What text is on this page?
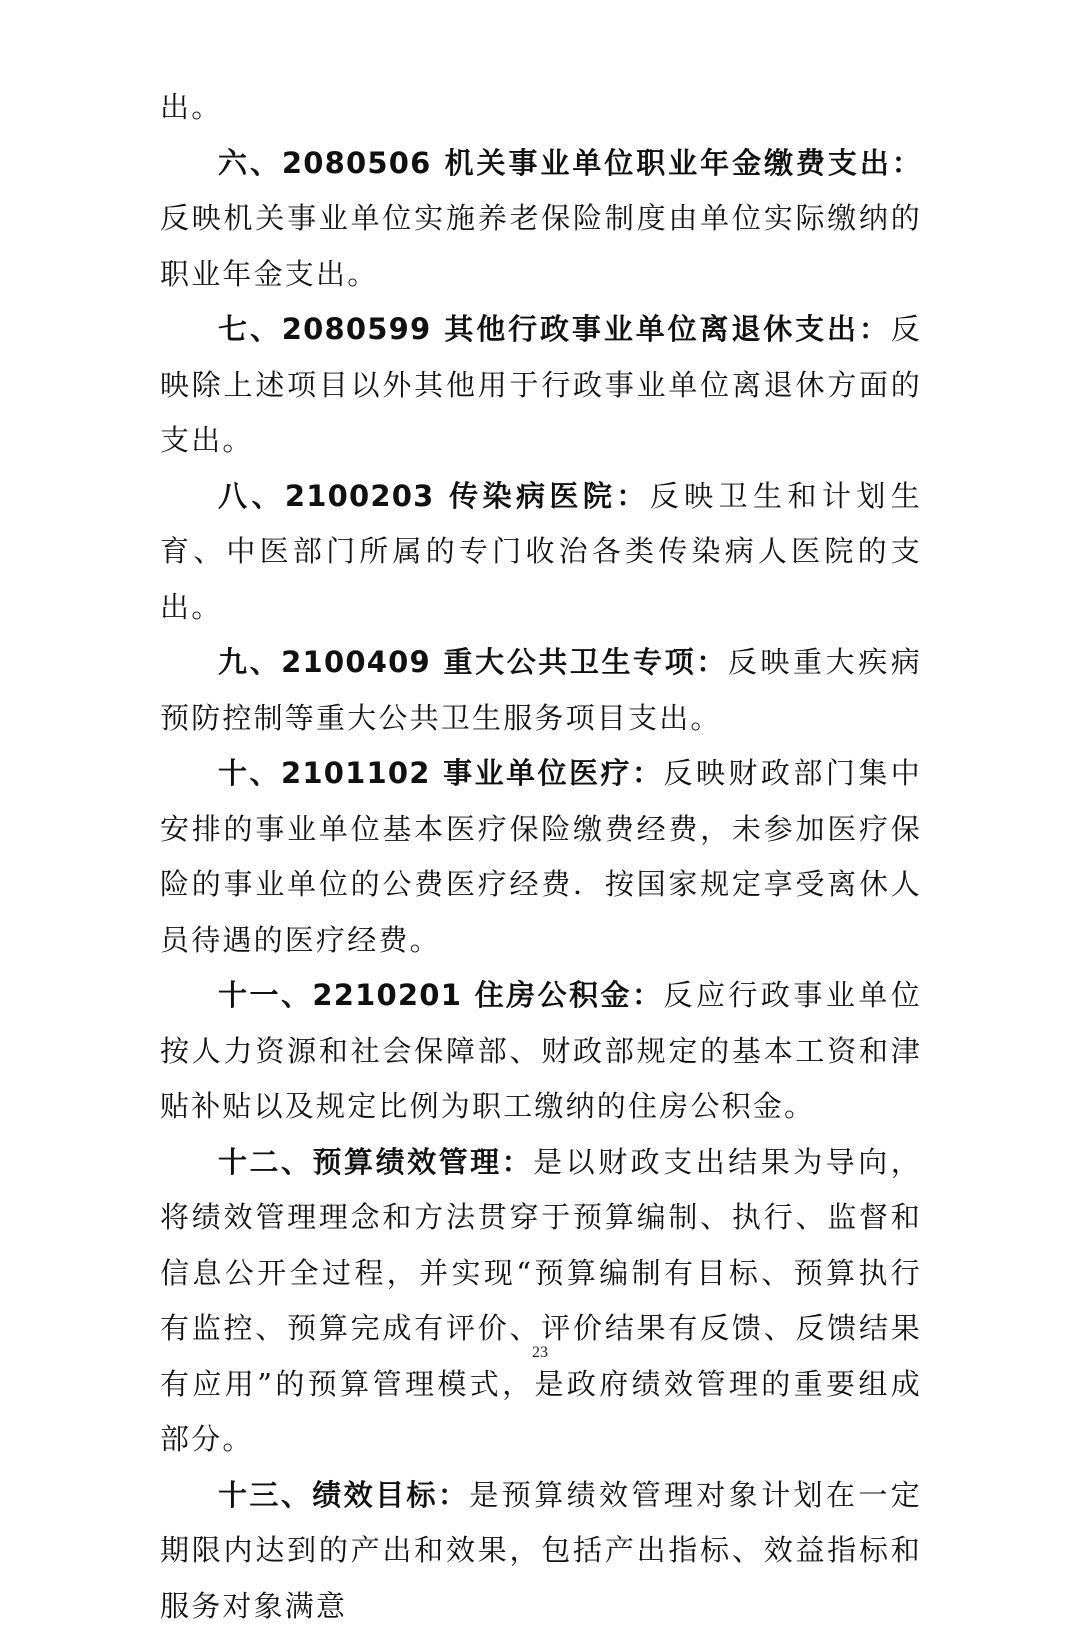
出。

六、2080506 机关事业单位职业年金缴费支出：反映机关事业单位实施养老保险制度由单位实际缴纳的职业年金支出。

七、2080599 其他行政事业单位离退休支出：反映除上述项目以外其他用于行政事业单位离退休方面的支出。

八、2100203 传染病医院：反映卫生和计划生育、中医部门所属的专门收治各类传染病人医院的支出。

九、2100409 重大公共卫生专项：反映重大疾病预防控制等重大公共卫生服务项目支出。

十、2101102 事业单位医疗：反映财政部门集中安排的事业单位基本医疗保险缴费经费，未参加医疗保险的事业单位的公费医疗经费．按国家规定享受离休人员待遇的医疗经费。

十一、2210201 住房公积金：反应行政事业单位按人力资源和社会保障部、财政部规定的基本工资和津贴补贴以及规定比例为职工缴纳的住房公积金。

十二、预算绩效管理：是以财政支出结果为导向，将绩效管理理念和方法贯穿于预算编制、执行、监督和信息公开全过程，并实现“预算编制有目标、预算执行有监控、预算完成有评价、评价结果有反馈、反馈结果有应用”的预算管理模式，是政府绩效管理的重要组成部分。

十三、绩效目标：是预算绩效管理对象计划在一定期限内达到的产出和效果，包括产出指标、效益指标和服务对象满意

23
